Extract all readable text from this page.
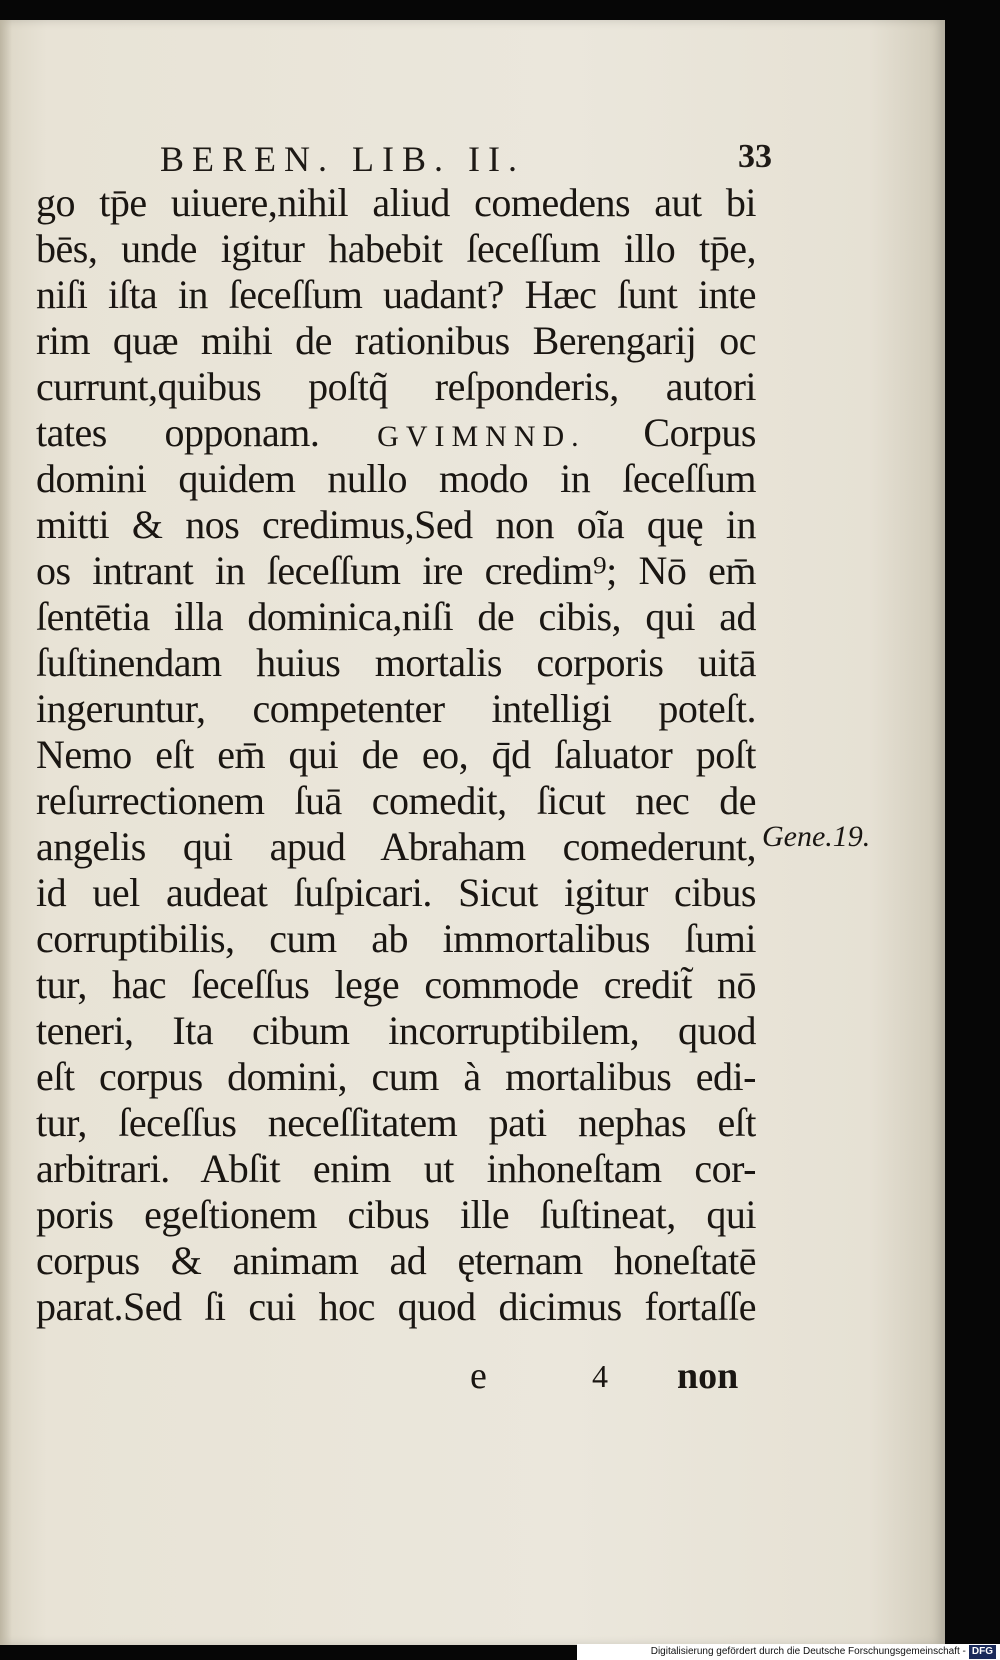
BEREN. LIB. II.	33
go tp̄e uiuere,nihil aliud comedens aut bi
bēs, unde igitur habebit ſeceſſum illo tp̄e,
niſi iſta in ſeceſſum uadant? Hæc ſunt inte
rim quæ mihi de rationibus Berengarij oc
currunt,quibus poſtq̃ reſponderis, autori
tates opponam. GVIMNND. Corpus
domini quidem nullo modo in ſeceſſum
mitti & nos credimus,Sed non oĩa quę in
os intrant in ſeceſſum ire credim⁹; Nō em̄
ſentētia illa dominica,niſi de cibis, qui ad
ſuſtinendam huius mortalis corporis uitā
ingeruntur, competenter intelligi poteſt.
Nemo eſt em̄ qui de eo, q̄d ſaluator poſt
reſurrectionem ſuā comedit, ſicut nec de
angelis qui apud Abraham comederunt,
id uel audeat ſuſpicari. Sicut igitur cibus
corruptibilis, cum ab immortalibus ſumi
tur, hac ſeceſſus lege commode credit̃ nō
teneri, Ita cibum incorruptibilem, quod
eſt corpus domini, cum à mortalibus edi-
tur, ſeceſſus neceſſitatem pati nephas eſt
arbitrari. Abſit enim ut inhoneſtam cor-
poris egeſtionem cibus ille ſuſtineat, qui
corpus & animam ad ęternam honeſtatē
parat.Sed ſi cui hoc quod dicimus fortaſſe
Gene.19.
e	4 non
Digitalisierung gefördert durch die Deutsche Forschungsgemeinschaft - DFG
